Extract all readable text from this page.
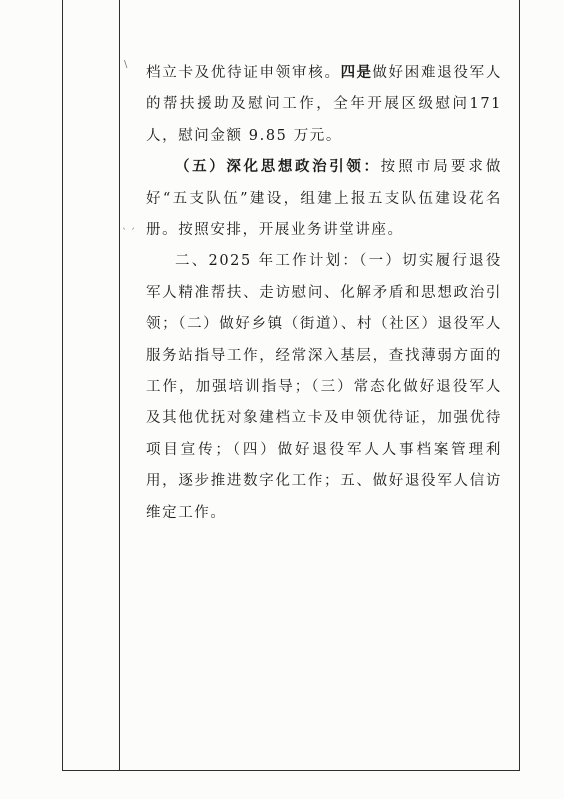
\
ˎ ˏ

档立卡及优待证申领审核。四是做好困难退役军人的帮扶援助及慰问工作，全年开展区级慰问171人，慰问金额 9.85 万元。

（五）深化思想政治引领：按照市局要求做好“五支队伍”建设，组建上报五支队伍建设花名册。按照安排，开展业务讲堂讲座。

二、2025 年工作计划：（一）切实履行退役军人精准帮扶、走访慰问、化解矛盾和思想政治引领；（二）做好乡镇（街道）、村（社区）退役军人服务站指导工作，经常深入基层，查找薄弱方面的工作，加强培训指导；（三）常态化做好退役军人及其他优抚对象建档立卡及申领优待证，加强优待项目宣传；（四）做好退役军人人事档案管理利用，逐步推进数字化工作；五、做好退役军人信访维定工作。
